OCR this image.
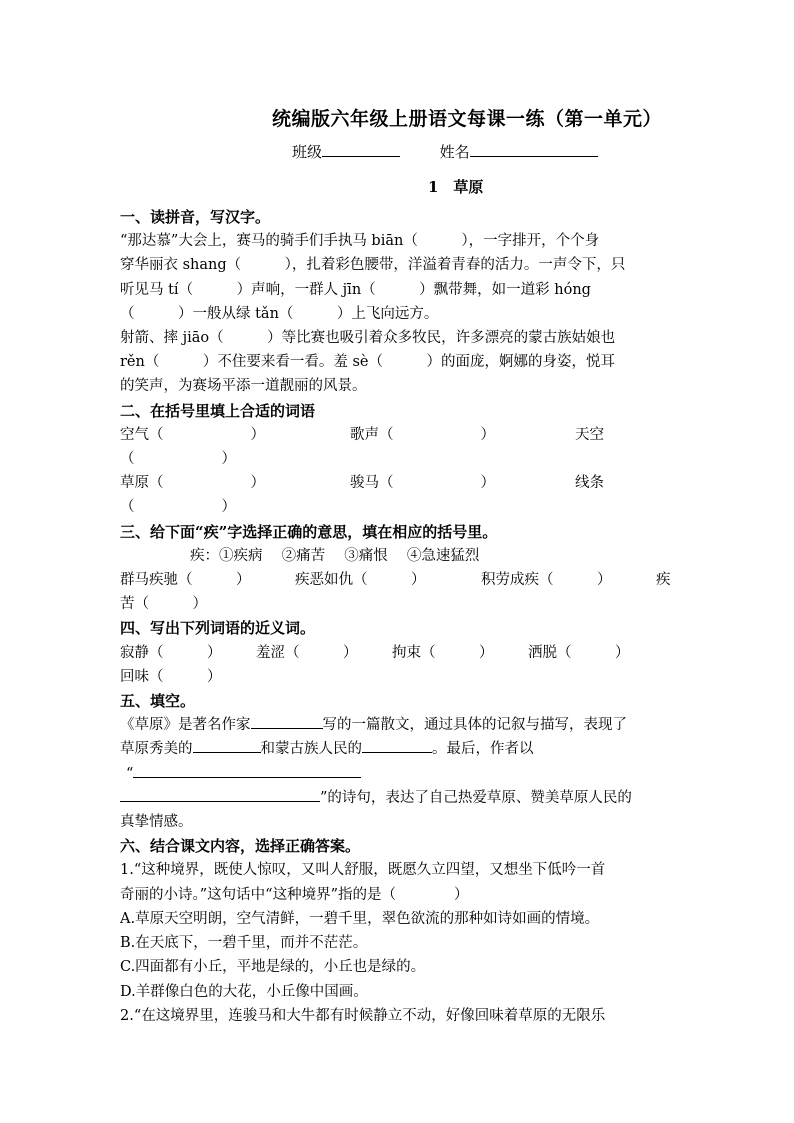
统编版六年级上册语文每课一练（第一单元）
班级	姓名
1　草原
一、读拼音，写汉字。
“那达慕”大会上，赛马的骑手们手执马 biān（　　　），一字排开，个个身
穿华丽衣 shang（　　　），扎着彩色腰带，洋溢着青春的活力。一声令下，只
听见马 tí（　　　）声响，一群人 jīn（　　　）飘带舞，如一道彩 hóng
（　　　）一般从绿 tǎn（　　　）上飞向远方。
射箭、摔 jiāo（　　　）等比赛也吸引着众多牧民，许多漂亮的蒙古族姑娘也
rěn（　　　）不住要来看一看。羞 sè（　　　）的面庞，婀娜的身姿，悦耳
的笑声，为赛场平添一道靓丽的风景。
二、在括号里填上合适的词语
空气（　　　　　　）	歌声（　　　　　　）	天空
（　　　　　　）
草原（　　　　　　）	骏马（　　　　　　）	线条
（　　　　　　）
三、给下面“疾”字选择正确的意思，填在相应的括号里。
疾：①疾病　 ②痛苦　 ③痛恨　 ④急速猛烈
群马疾驰（　　　）	疾恶如仇（　　　）	积劳成疾（　　　）	疾
苦（　　　）
四、写出下列词语的近义词。
寂静（　　　）	羞涩（　　　）	拘束（　　　）	洒脱（　　　）
回味（　　　）
五、填空。
《草原》是著名作家	写的一篇散文，通过具体的记叙与描写，表现了
草原秀美的	和蒙古族人民的	。最后，作者以
“
”的诗句，表达了自己热爱草原、赞美草原人民的
真挚情感。
六、结合课文内容，选择正确答案。
1.“这种境界，既使人惊叹，又叫人舒服，既愿久立四望，又想坐下低吟一首
奇丽的小诗。”这句话中“这种境界”指的是（　　　　）
A.草原天空明朗，空气清鲜，一碧千里，翠色欲流的那种如诗如画的情境。
B.在天底下，一碧千里，而并不茫茫。
C.四面都有小丘，平地是绿的，小丘也是绿的。
D.羊群像白色的大花，小丘像中国画。
2.“在这境界里，连骏马和大牛都有时候静立不动，好像回味着草原的无限乐
